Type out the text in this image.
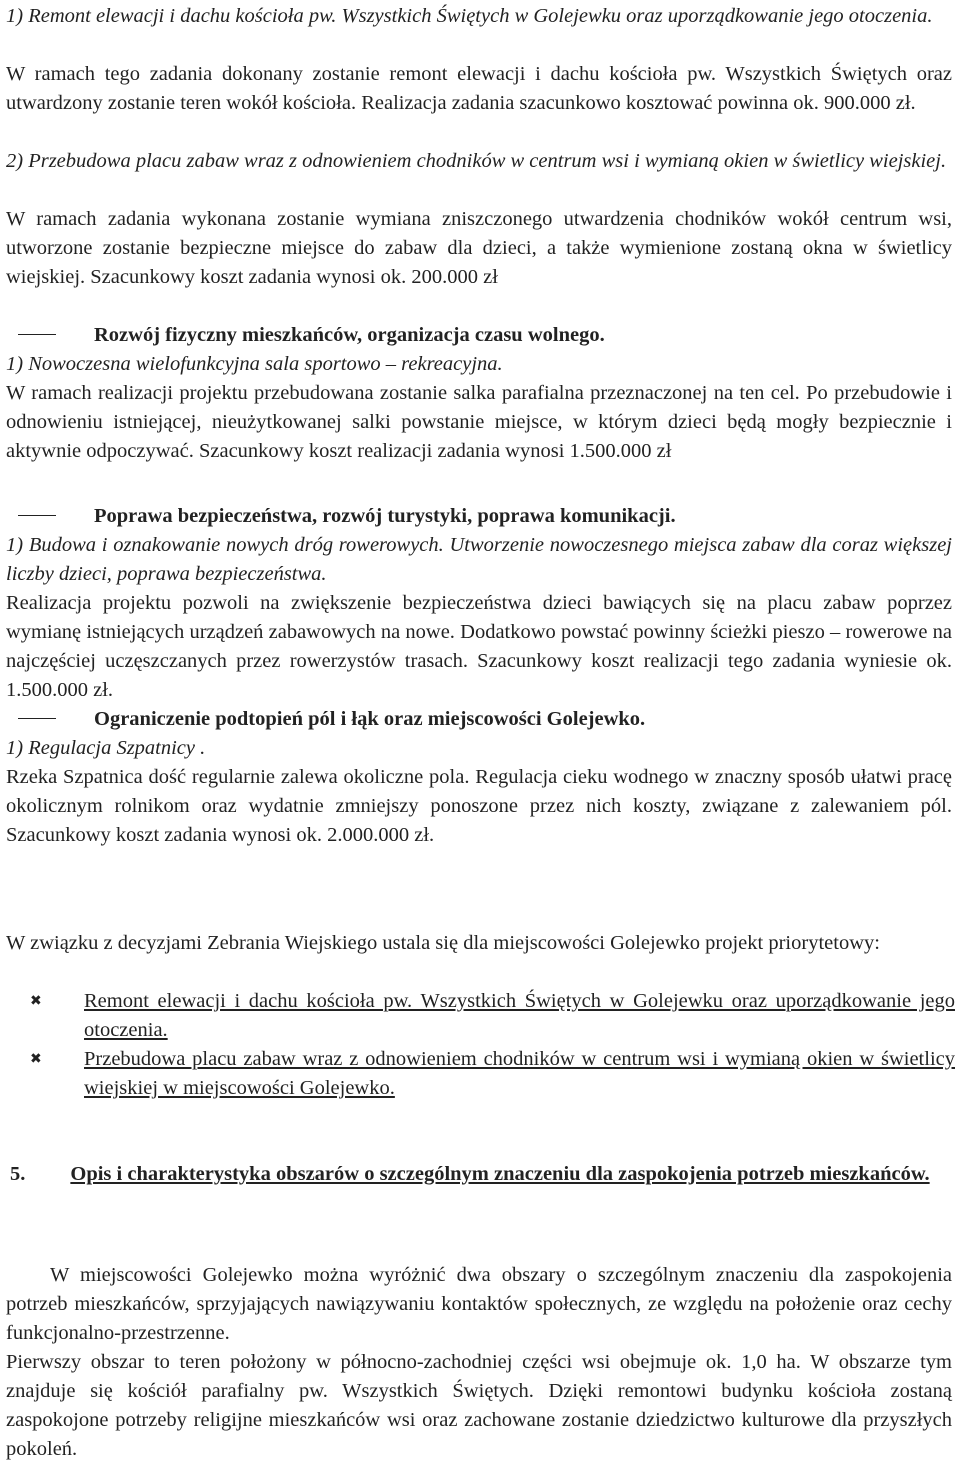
1) Remont elewacji i dachu kościoła pw. Wszystkich Świętych w Golejewku oraz uporządkowanie jego otoczenia.
W ramach tego zadania dokonany zostanie remont elewacji i dachu kościoła pw. Wszystkich Świętych oraz utwardzony zostanie teren wokół kościoła. Realizacja zadania szacunkowo kosztować powinna ok. 900.000 zł.
2) Przebudowa placu zabaw wraz z odnowieniem chodników w centrum wsi i wymianą okien w świetlicy wiejskiej.
W ramach zadania wykonana zostanie wymiana zniszczonego utwardzenia chodników wokół centrum wsi, utworzone zostanie bezpieczne miejsce do zabaw dla dzieci, a także wymienione zostaną okna w świetlicy wiejskiej. Szacunkowy koszt zadania wynosi ok. 200.000 zł
Rozwój fizyczny mieszkańców, organizacja czasu wolnego.
1) Nowoczesna wielofunkcyjna sala sportowo – rekreacyjna.
W ramach realizacji projektu przebudowana zostanie salka parafialna przeznaczonej na ten cel. Po przebudowie i odnowieniu istniejącej, nieużytkowanej salki powstanie miejsce, w którym dzieci będą mogły bezpiecznie i aktywnie odpoczywać. Szacunkowy koszt realizacji zadania wynosi 1.500.000 zł
Poprawa bezpieczeństwa, rozwój turystyki, poprawa komunikacji.
1) Budowa i oznakowanie nowych dróg rowerowych. Utworzenie nowoczesnego miejsca zabaw dla coraz większej liczby dzieci, poprawa bezpieczeństwa.
Realizacja projektu pozwoli na zwiększenie bezpieczeństwa dzieci bawiących się na placu zabaw poprzez wymianę istniejących urządzeń zabawowych na nowe. Dodatkowo powstać powinny ścieżki pieszo – rowerowe na najczęściej uczęszczanych przez rowerzystów trasach. Szacunkowy koszt realizacji tego zadania wyniesie ok. 1.500.000 zł.
Ograniczenie podtopień pól i łąk oraz miejscowości Golejewko.
1) Regulacja Szpatnicy .
Rzeka Szpatnica dość regularnie zalewa okoliczne pola. Regulacja cieku wodnego w znaczny sposób ułatwi pracę okolicznym rolnikom oraz wydatnie zmniejszy ponoszone przez nich koszty, związane z zalewaniem pól. Szacunkowy koszt zadania wynosi ok. 2.000.000 zł.
W związku z decyzjami Zebrania Wiejskiego ustala się dla miejscowości Golejewko projekt priorytetowy:
✖ Remont elewacji i dachu kościoła pw. Wszystkich Świętych w Golejewku oraz uporządkowanie jego otoczenia.
✖ Przebudowa placu zabaw wraz z odnowieniem chodników w centrum wsi i wymianą okien w świetlicy wiejskiej w miejscowości Golejewko.
5.	Opis i charakterystyka obszarów o szczególnym znaczeniu dla zaspokojenia potrzeb mieszkańców.
W miejscowości Golejewko można wyróżnić dwa obszary o szczególnym znaczeniu dla zaspokojenia potrzeb mieszkańców, sprzyjających nawiązywaniu kontaktów społecznych, ze względu na położenie oraz cechy funkcjonalno-przestrzenne.
Pierwszy obszar to teren położony w północno-zachodniej części wsi obejmuje ok. 1,0 ha. W obszarze tym znajduje się kościół parafialny pw. Wszystkich Świętych. Dzięki remontowi budynku kościoła zostaną zaspokojone potrzeby religijne mieszkańców wsi oraz zachowane zostanie dziedzictwo kulturowe dla przyszłych pokoleń.
